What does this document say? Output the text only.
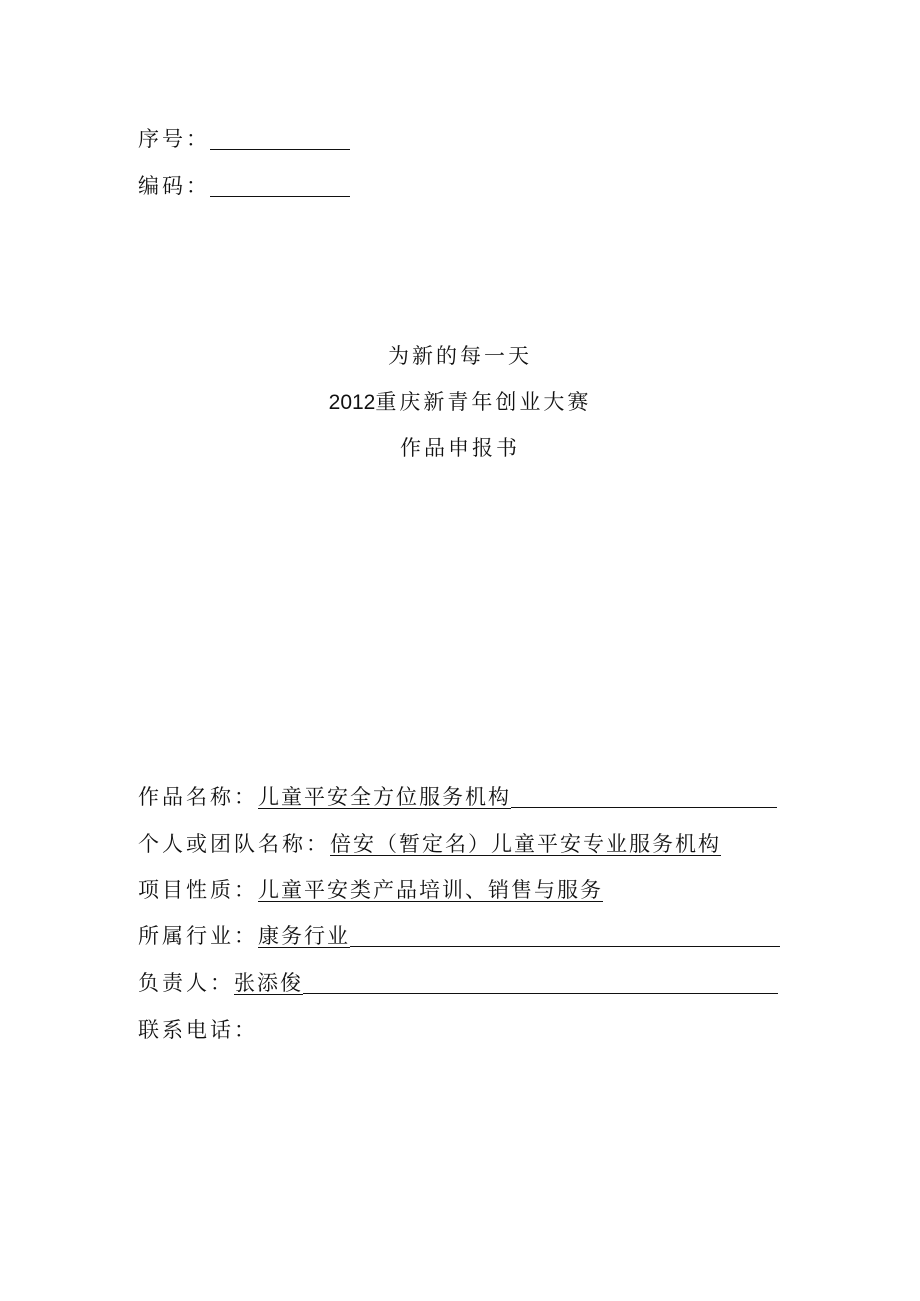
序号：
编码：
为新的每一天
2012重庆新青年创业大赛
作品申报书
作品名称：儿童平安全方位服务机构
个人或团队名称：倍安（暂定名）儿童平安专业服务机构
项目性质：儿童平安类产品培训、销售与服务
所属行业：康务行业
负责人：张添俊
联系电话：
